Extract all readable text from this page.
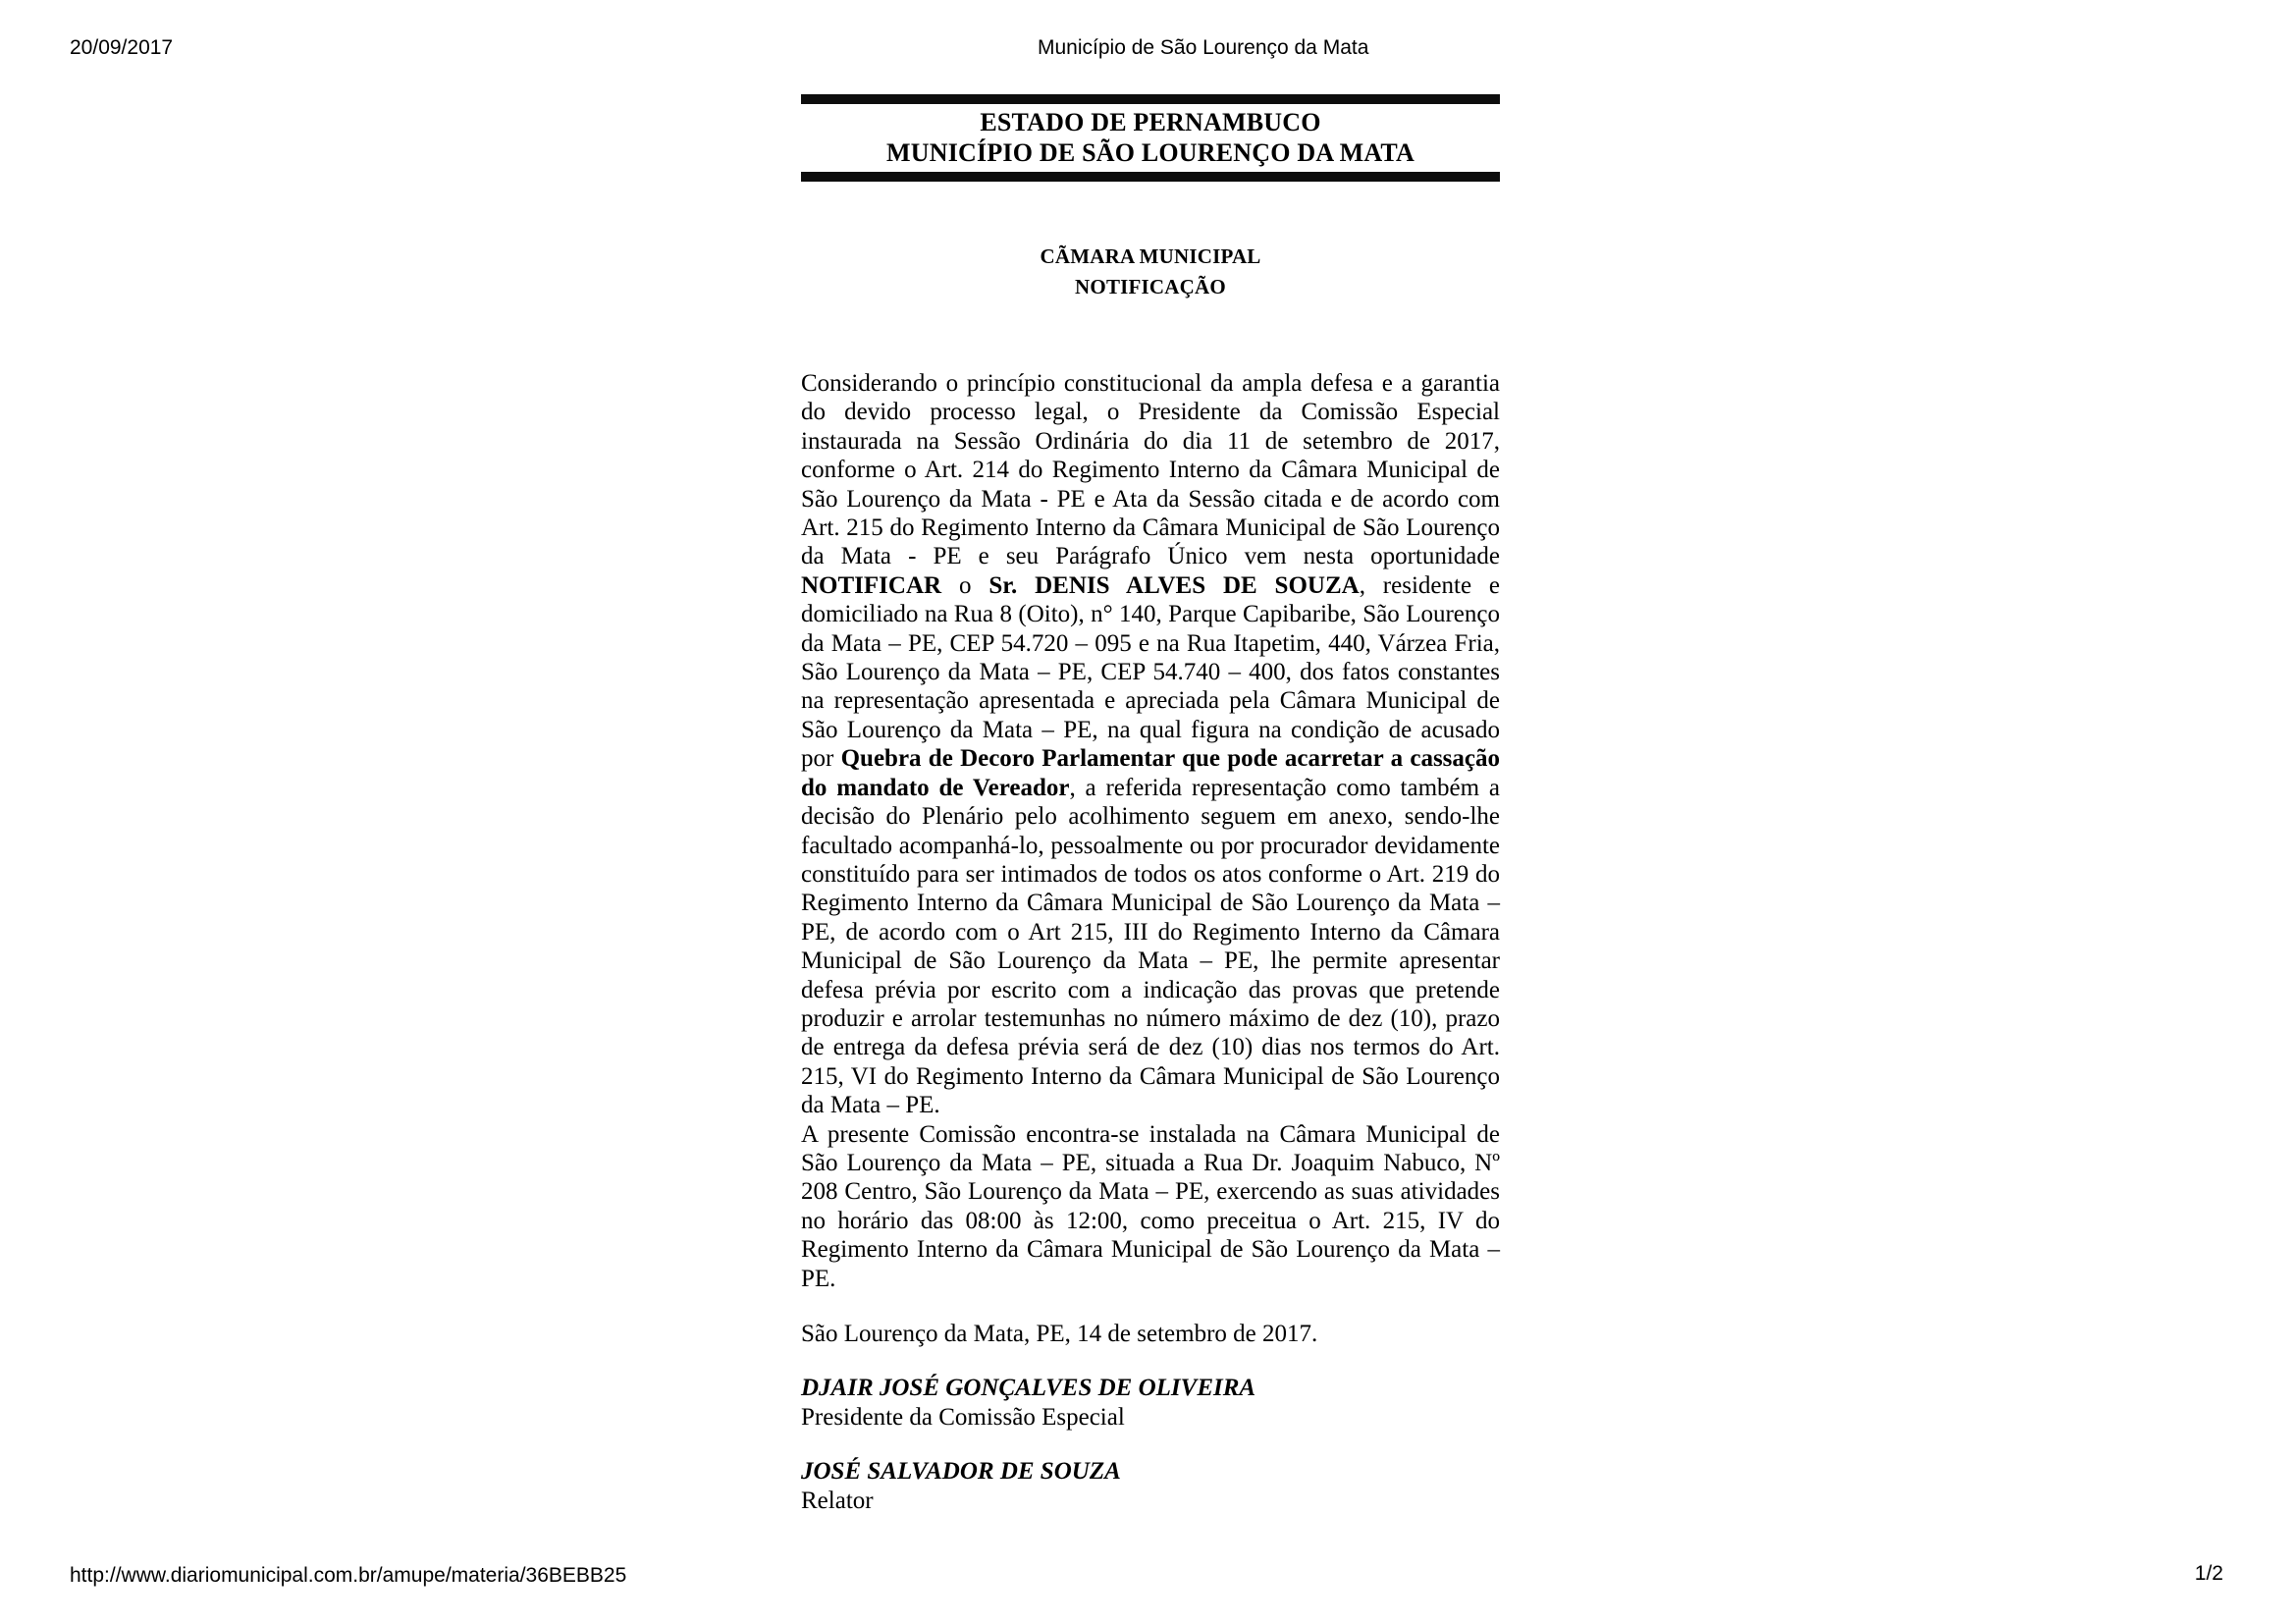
20/09/2017	Município de São Lourenço da Mata
ESTADO DE PERNAMBUCO
MUNICÍPIO DE SÃO LOURENÇO DA MATA
CÃMARA MUNICIPAL
NOTIFICAÇÃO

Considerando o princípio constitucional da ampla defesa e a garantia do devido processo legal, o Presidente da Comissão Especial instaurada na Sessão Ordinária do dia 11 de setembro de 2017, conforme o Art. 214 do Regimento Interno da Câmara Municipal de São Lourenço da Mata - PE e Ata da Sessão citada e de acordo com Art. 215 do Regimento Interno da Câmara Municipal de São Lourenço da Mata - PE e seu Parágrafo Único vem nesta oportunidade NOTIFICAR o Sr. DENIS ALVES DE SOUZA, residente e domiciliado na Rua 8 (Oito), n° 140, Parque Capibaribe, São Lourenço da Mata – PE, CEP 54.720 – 095 e na Rua Itapetim, 440, Várzea Fria, São Lourenço da Mata – PE, CEP 54.740 – 400, dos fatos constantes na representação apresentada e apreciada pela Câmara Municipal de São Lourenço da Mata – PE, na qual figura na condição de acusado por Quebra de Decoro Parlamentar que pode acarretar a cassação do mandato de Vereador, a referida representação como também a decisão do Plenário pelo acolhimento seguem em anexo, sendo-lhe facultado acompanhá-lo, pessoalmente ou por procurador devidamente constituído para ser intimados de todos os atos conforme o Art. 219 do Regimento Interno da Câmara Municipal de São Lourenço da Mata – PE, de acordo com o Art 215, III do Regimento Interno da Câmara Municipal de São Lourenço da Mata – PE, lhe permite apresentar defesa prévia por escrito com a indicação das provas que pretende produzir e arrolar testemunhas no número máximo de dez (10), prazo de entrega da defesa prévia será de dez (10) dias nos termos do Art. 215, VI do Regimento Interno da Câmara Municipal de São Lourenço da Mata – PE.

A presente Comissão encontra-se instalada na Câmara Municipal de São Lourenço da Mata – PE, situada a Rua Dr. Joaquim Nabuco, Nº 208 Centro, São Lourenço da Mata – PE, exercendo as suas atividades no horário das 08:00 às 12:00, como preceitua o Art. 215, IV do Regimento Interno da Câmara Municipal de São Lourenço da Mata – PE.

São Lourenço da Mata, PE, 14 de setembro de 2017.

DJAIR JOSÉ GONÇALVES DE OLIVEIRA
Presidente da Comissão Especial
JOSÉ SALVADOR DE SOUZA
Relator
http://www.diariomunicipal.com.br/amupe/materia/36BEBB25	1/2
